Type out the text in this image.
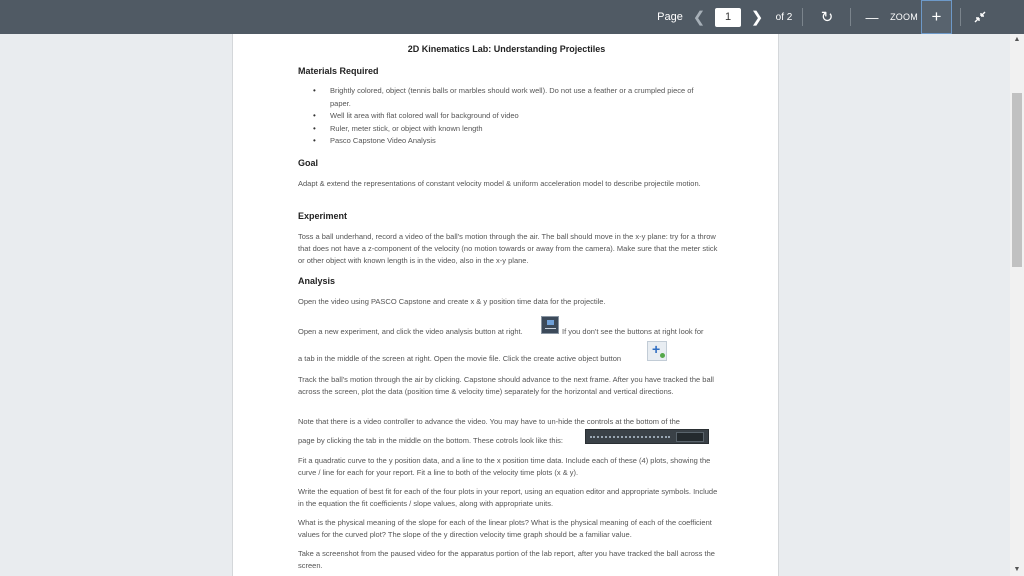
Page ❮
1	❯	of 2	↻	— ZOOM +
2D Kinematics Lab: Understanding Projectiles
Materials Required
• Brightly colored, object (tennis balls or marbles should work well). Do not use a feather or a crumpled piece of paper.
• Well lit area with flat colored wall for background of video
• Ruler, meter stick, or object with known length
• Pasco Capstone Video Analysis
Goal
Adapt & extend the representations of constant velocity model & uniform acceleration model to describe projectile motion.
Experiment
Toss a ball underhand, record a video of the ball's motion through the air. The ball should move in the x-y plane: try for a throw that does not have a z-component of the velocity (no motion towards or away from the camera). Make sure that the meter stick or other object with known length is in the video, also in the x-y plane.
Analysis
Open the video using PASCO Capstone and create x & y position time data for the projectile.
Open a new experiment, and click the video analysis button at right.	If you don't see the buttons at right look for
a tab in the middle of the screen at right. Open the movie file. Click the create active object button
+
Track the ball's motion through the air by clicking. Capstone should advance to the next frame. After you have tracked the ball across the screen, plot the data (position time & velocity time) separately for the horizontal and vertical directions.
Note that there is a video controller to advance the video. You may have to un-hide the controls at the bottom of the
page by clicking the tab in the middle on the bottom. These cotrols look like this:
Fit a quadratic curve to the y position data, and a line to the x position time data. Include each of these (4) plots, showing the curve / line for each for your report. Fit a line to both of the velocity time plots (x & y).
Write the equation of best fit for each of the four plots in your report, using an equation editor and appropriate symbols. Include in the equation the fit coefficients / slope values, along with appropriate units.
What is the physical meaning of the slope for each of the linear plots? What is the physical meaning of each of the coefficient values for the curved plot? The slope of the y direction velocity time graph should be a familiar value.
Take a screenshot from the paused video for the apparatus portion of the lab report, after you have tracked the ball across the screen.
▲
▼
